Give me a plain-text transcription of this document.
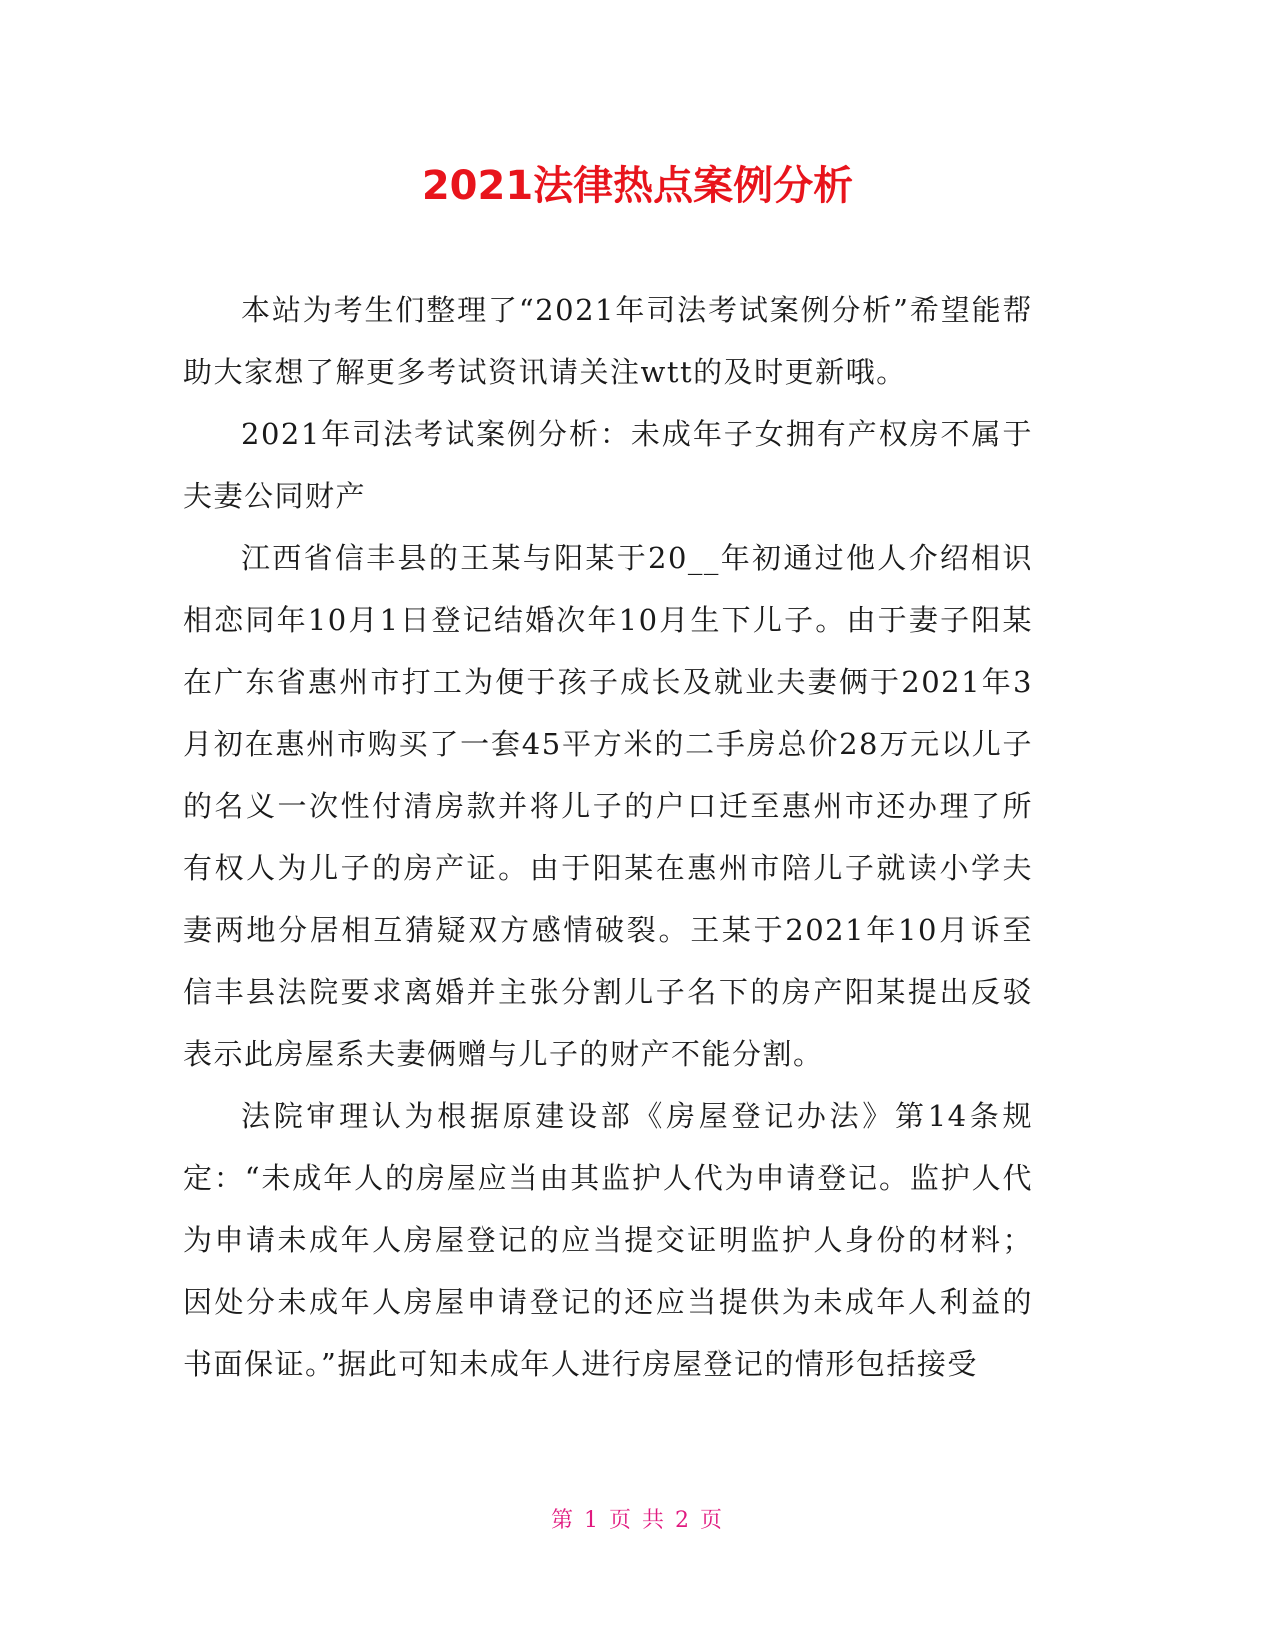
2021法律热点案例分析

本站为考生们整理了“2021年司法考试案例分析”希望能帮助大家想了解更多考试资讯请关注wtt的及时更新哦。

2021年司法考试案例分析：未成年子女拥有产权房不属于夫妻公同财产

江西省信丰县的王某与阳某于20__年初通过他人介绍相识相恋同年10月1日登记结婚次年10月生下儿子。由于妻子阳某在广东省惠州市打工为便于孩子成长及就业夫妻俩于2021年3月初在惠州市购买了一套45平方米的二手房总价28万元以儿子的名义一次性付清房款并将儿子的户口迁至惠州市还办理了所有权人为儿子的房产证。由于阳某在惠州市陪儿子就读小学夫妻两地分居相互猜疑双方感情破裂。王某于2021年10月诉至信丰县法院要求离婚并主张分割儿子名下的房产阳某提出反驳表示此房屋系夫妻俩赠与儿子的财产不能分割。

法院审理认为根据原建设部《房屋登记办法》第14条规定：“未成年人的房屋应当由其监护人代为申请登记。监护人代为申请未成年人房屋登记的应当提交证明监护人身份的材料；因处分未成年人房屋申请登记的还应当提供为未成年人利益的书面保证。”据此可知未成年人进行房屋登记的情形包括接受

第 1 页 共 2 页
